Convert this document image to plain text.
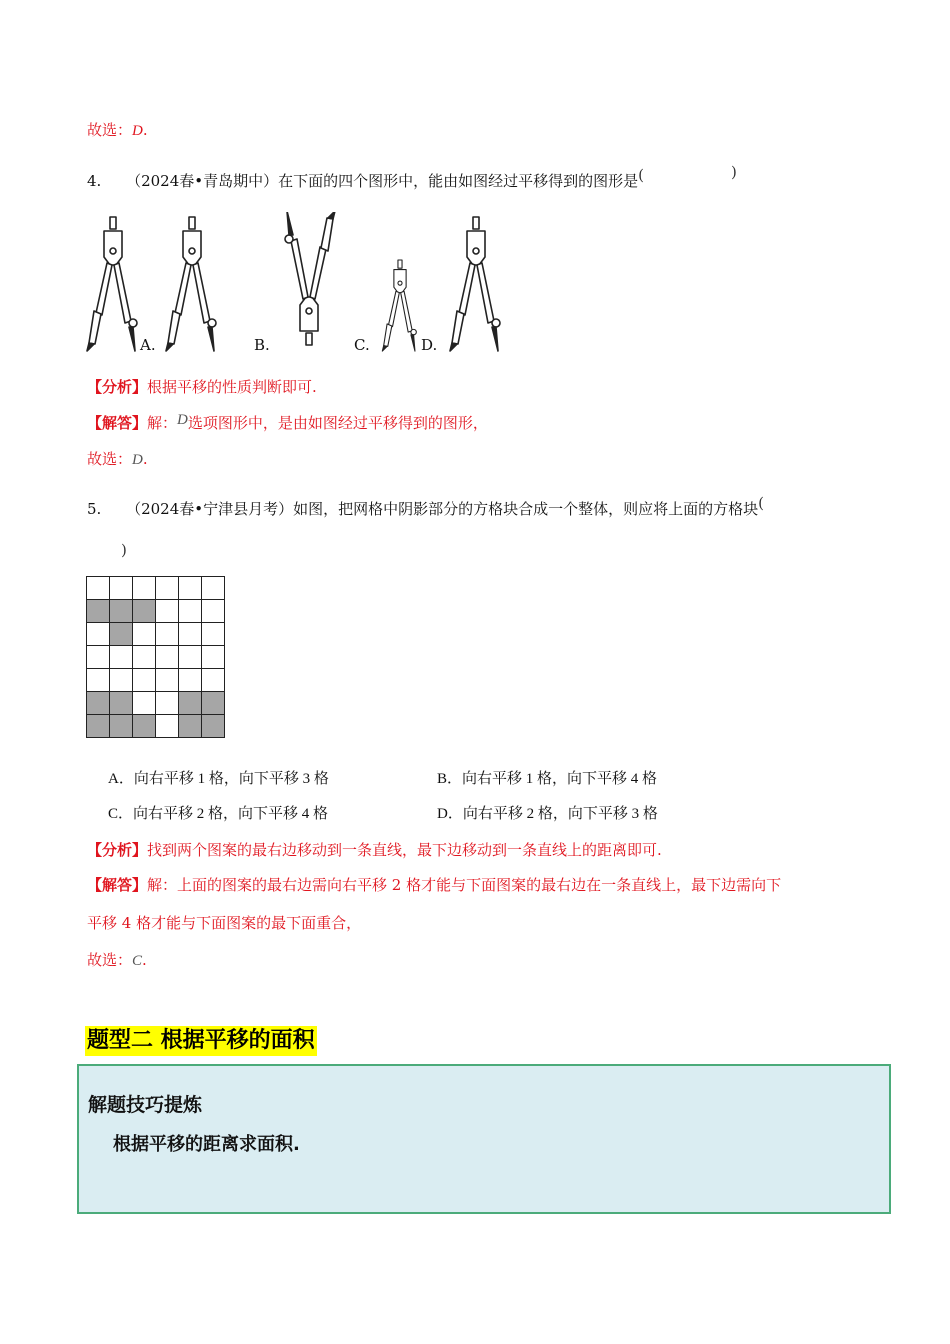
故选：D.
4. （2024春•青岛期中）在下面的四个图形中，能由如图经过平移得到的图形是(	)
A.	B.	C.	D.
【分析】根据平移的性质判断即可.
【解答】解：D选项图形中，是由如图经过平移得到的图形，
故选：D.
5. （2024春•宁津县月考）如图，把网格中阴影部分的方格块合成一个整体，则应将上面的方格块(
)

A．向右平移 1 格，向下平移 3 格	B．向右平移 1 格，向下平移 4 格
C．向右平移 2 格，向下平移 4 格	D．向右平移 2 格，向下平移 3 格
【分析】找到两个图案的最右边移动到一条直线，最下边移动到一条直线上的距离即可.
【解答】解：上面的图案的最右边需向右平移 2 格才能与下面图案的最右边在一条直线上，最下边需向下
平移 4 格才能与下面图案的最下面重合，
故选：C.
题型二 根据平移的面积
解题技巧提炼
根据平移的距离求面积.
